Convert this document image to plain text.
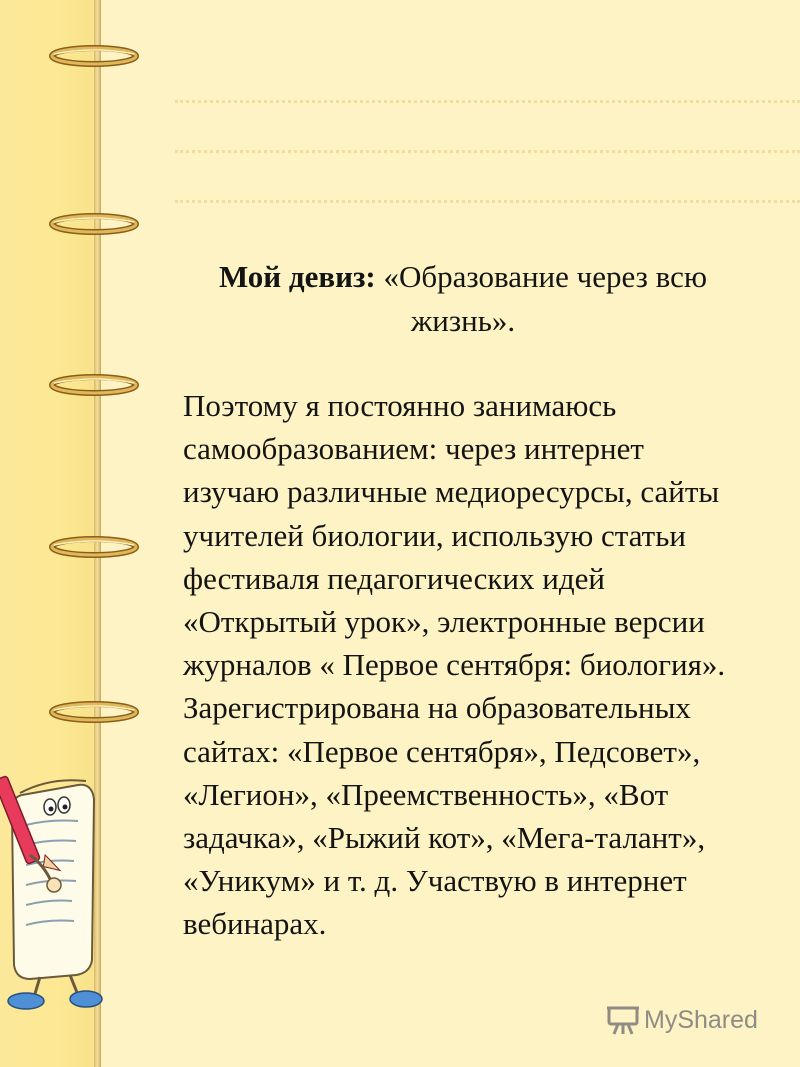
Мой девиз: «Образование через всю жизнь».

Поэтому я постоянно занимаюсь самообразованием: через интернет изучаю различные медиоресурсы, сайты учителей биологии, использую статьи фестиваля педагогических идей «Открытый урок», электронные версии журналов « Первое сентября: биология». Зарегистрирована на образовательных сайтах: «Первое сентября», Педсовет», «Легион», «Преемственность», «Вот задачка», «Рыжий кот», «Мега-талант», «Уникум» и т. д. Участвую в интернет вебинарах.

MyShared
